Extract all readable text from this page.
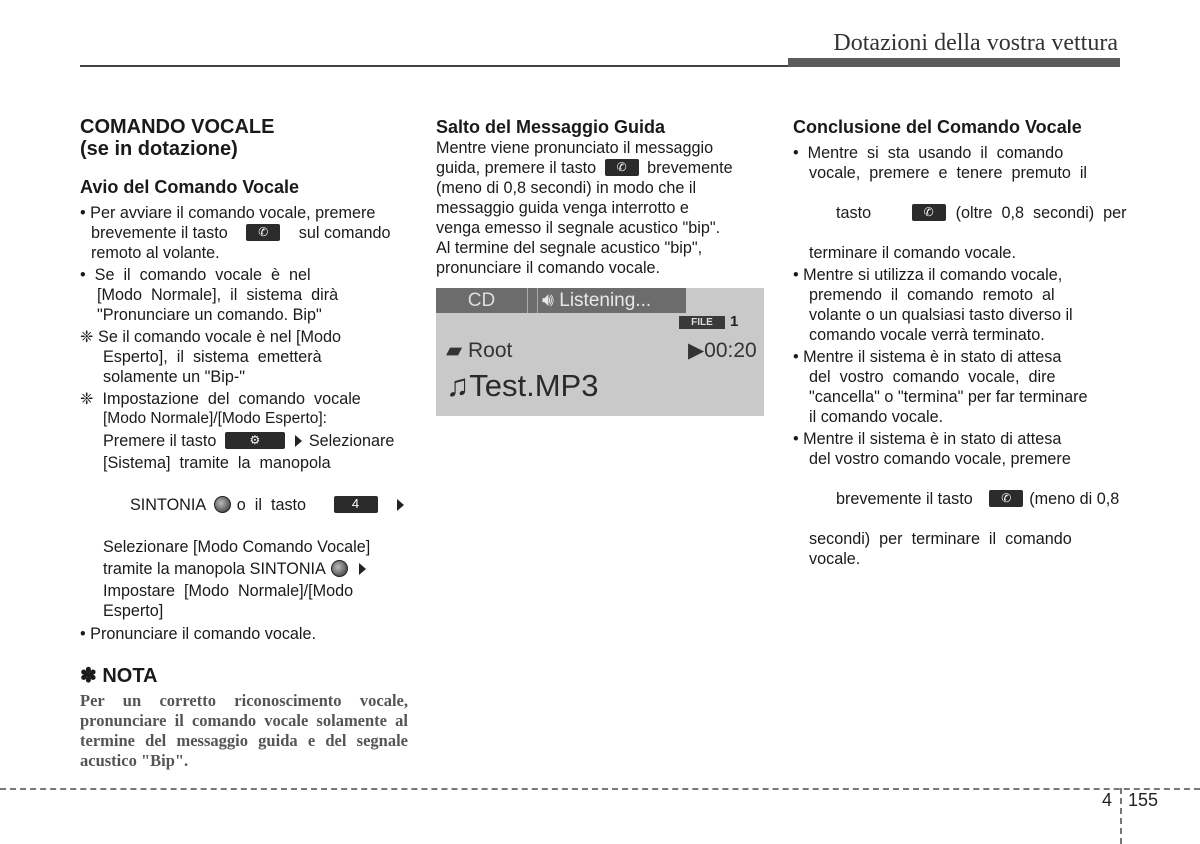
Dotazioni della vostra vettura
COMANDO VOCALE
(se in dotazione)
Avio del Comando Vocale
• Per avviare il comando vocale, premere
brevemente il tasto	✆ sul comando
remoto al volante.
•  Se  il  comando  vocale  è  nel
[Modo  Normale],  il  sistema  dirà
"Pronunciare un comando. Bip"
❈ Se il comando vocale è nel [Modo
Esperto],  il  sistema  emetterà
solamente un "Bip-"
❈  Impostazione  del  comando  vocale
[Modo Normale]/[Modo Esperto]:
Premere il tasto	⚙	Selezionare
[Sistema]  tramite  la  manopola

SINTONIA o  il  tasto	4

Selezionare [Modo Comando Vocale]
tramite la manopola SINTONIA
Impostare  [Modo  Normale]/[Modo
Esperto]
• Pronunciare il comando vocale.
✽ NOTA

Per un corretto riconoscimento vocale, pronunciare il comando vocale solamente al termine del messaggio guida e del segnale acustico "Bip".

Salto del Messaggio Guida
Mentre viene pronunciato il messaggio
guida, premere il tasto ✆ brevemente
(meno di 0,8 secondi) in modo che il
messaggio guida venga interrotto e
venga emesso il segnale acustico "bip".
Al termine del segnale acustico "bip",
pronunciare il comando vocale.
CD	🔊︎ Listening...
FILE	1
▰ Root	▶00:20
♫Test.MP3
Conclusione del Comando Vocale
•  Mentre  si  sta  usando  il  comando
vocale,  premere  e  tenere  premuto  il

tasto	✆ (oltre  0,8  secondi)  per

terminare il comando vocale.
• Mentre si utilizza il comando vocale,
premendo  il  comando  remoto  al
volante o un qualsiasi tasto diverso il
comando vocale verrà terminato.
• Mentre il sistema è in stato di attesa
del  vostro  comando  vocale,  dire
"cancella" o "termina" per far terminare
il comando vocale.
• Mentre il sistema è in stato di attesa
del vostro comando vocale, premere

brevemente il tasto ✆ (meno di 0,8

secondi)  per  terminare  il  comando
vocale.
4 155
